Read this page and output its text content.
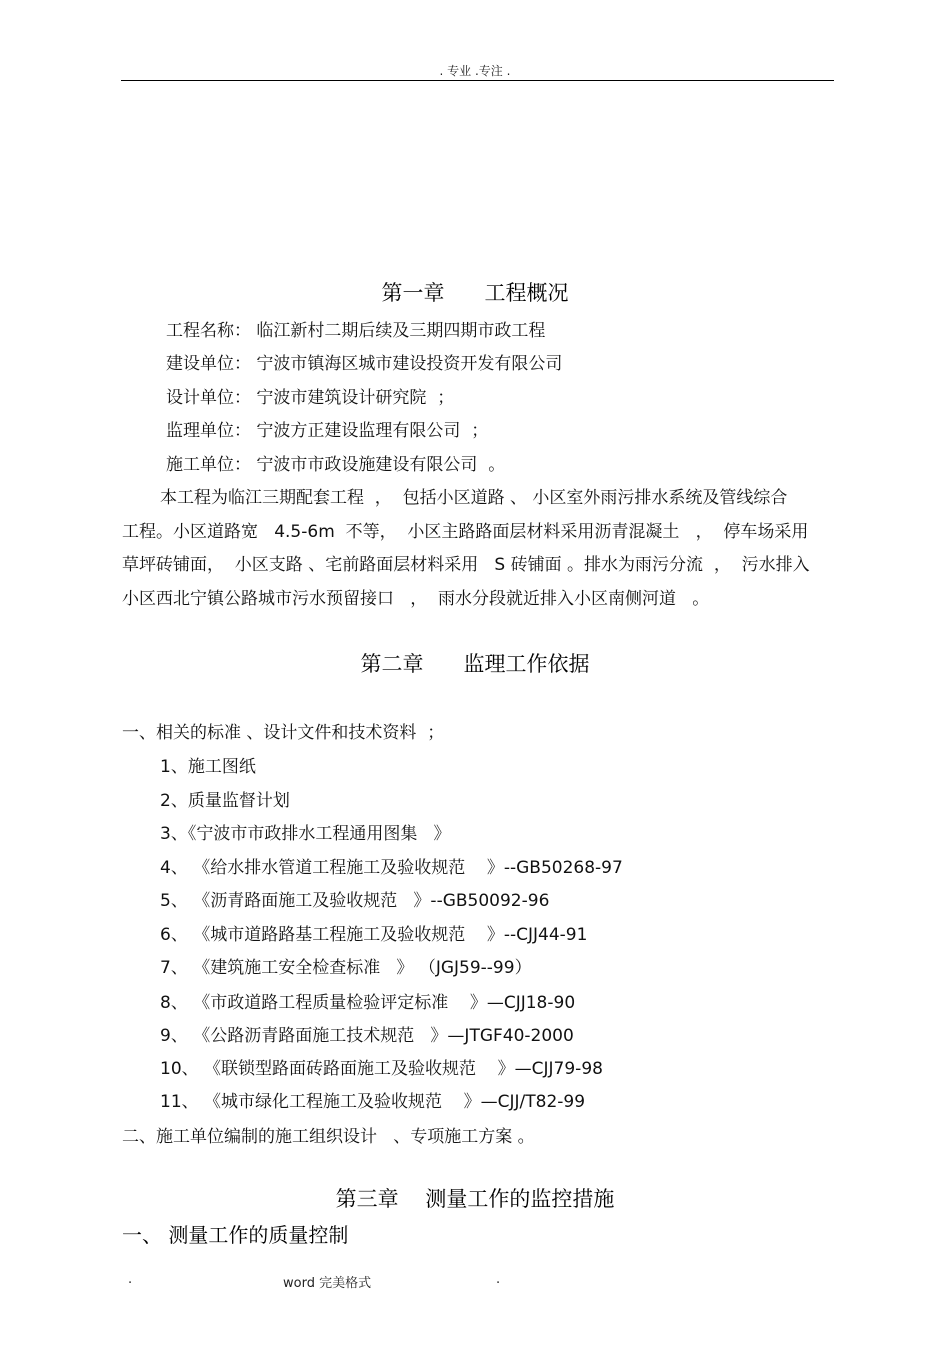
. 专业 .专注 .
第一章      工程概况
工程名称： 临江新村二期后续及三期四期市政工程
建设单位： 宁波市镇海区城市建设投资开发有限公司
设计单位： 宁波市建筑设计研究院  ；
监理单位： 宁波方正建设监理有限公司  ；
施工单位： 宁波市市政设施建设有限公司  。
本工程为临江三期配套工程  ，  包括小区道路 、 小区室外雨污排水系统及管线综合
工程。小区道路宽   4.5-6m  不等，  小区主路路面层材料采用沥青混凝土   ，  停车场采用
草坪砖铺面，  小区支路 、宅前路面层材料采用   S 砖铺面 。排水为雨污分流  ，  污水排入
小区西北宁镇公路城市污水预留接口   ，  雨水分段就近排入小区南侧河道   。
第二章      监理工作依据
一、相关的标准 、设计文件和技术资料  ；
1、施工图纸
2、质量监督计划
3、《宁波市市政排水工程通用图集   》
4、 《给水排水管道工程施工及验收规范    》--GB50268-97
5、 《沥青路面施工及验收规范   》--GB50092-96
6、 《城市道路路基工程施工及验收规范    》--CJJ44-91
7、 《建筑施工安全检查标准   》 （JGJ59--99）
8、 《市政道路工程质量检验评定标准    》—CJJ18-90
9、 《公路沥青路面施工技术规范   》—JTGF40-2000
10、 《联锁型路面砖路面施工及验收规范    》—CJJ79-98
11、 《城市绿化工程施工及验收规范    》—CJJ/T82-99
二、施工单位编制的施工组织设计   、专项施工方案 。
第三章    测量工作的监控措施
一、 测量工作的质量控制
.	word 完美格式	.
